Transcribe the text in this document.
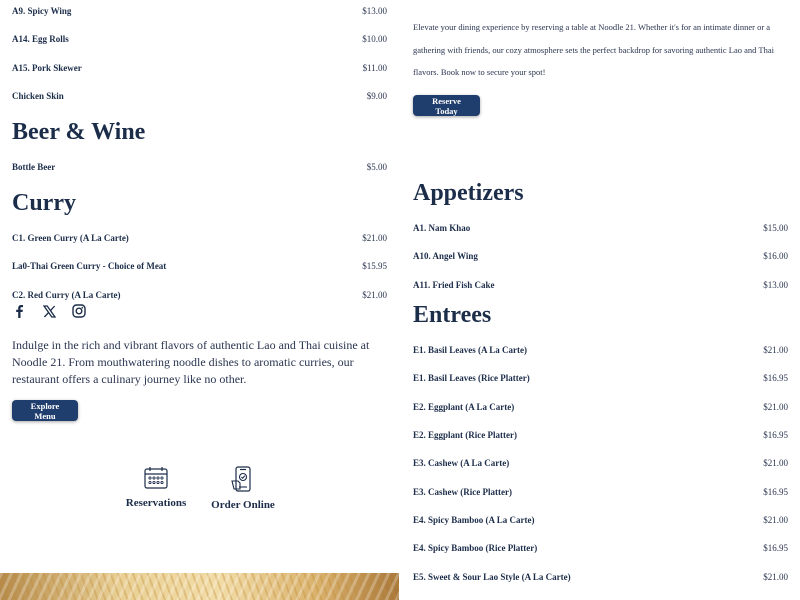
A9. Spicy Wing	$13.00
A14. Egg Rolls	$10.00
A15. Pork Skewer	$11.00
Chicken Skin	$9.00
Beer & Wine
Bottle Beer	$5.00
Curry
C1. Green Curry (A La Carte)	$21.00
La0-Thai Green Curry - Choice of Meat	$15.95
C2. Red Curry (A La Carte)	$21.00

Indulge in the rich and vibrant flavors of authentic Lao and Thai cuisine at Noodle 21. From mouthwatering noodle dishes to aromatic curries, our restaurant offers a culinary journey like no other.

Explore Menu
Reservations	Order Online

Elevate your dining experience by reserving a table at Noodle 21. Whether it's for an intimate dinner or a gathering with friends, our cozy atmosphere sets the perfect backdrop for savoring authentic Lao and Thai flavors. Book now to secure your spot!

Reserve Today
Appetizers
A1. Nam Khao	$15.00
A10. Angel Wing	$16.00
A11. Fried Fish Cake	$13.00
Entrees
E1. Basil Leaves (A La Carte)	$21.00
E1. Basil Leaves (Rice Platter)	$16.95
E2. Eggplant (A La Carte)	$21.00
E2. Eggplant (Rice Platter)	$16.95
E3. Cashew (A La Carte)	$21.00
E3. Cashew (Rice Platter)	$16.95
E4. Spicy Bamboo (A La Carte)	$21.00
E4. Spicy Bamboo (Rice Platter)	$16.95
E5. Sweet & Sour Lao Style (A La Carte)	$21.00
